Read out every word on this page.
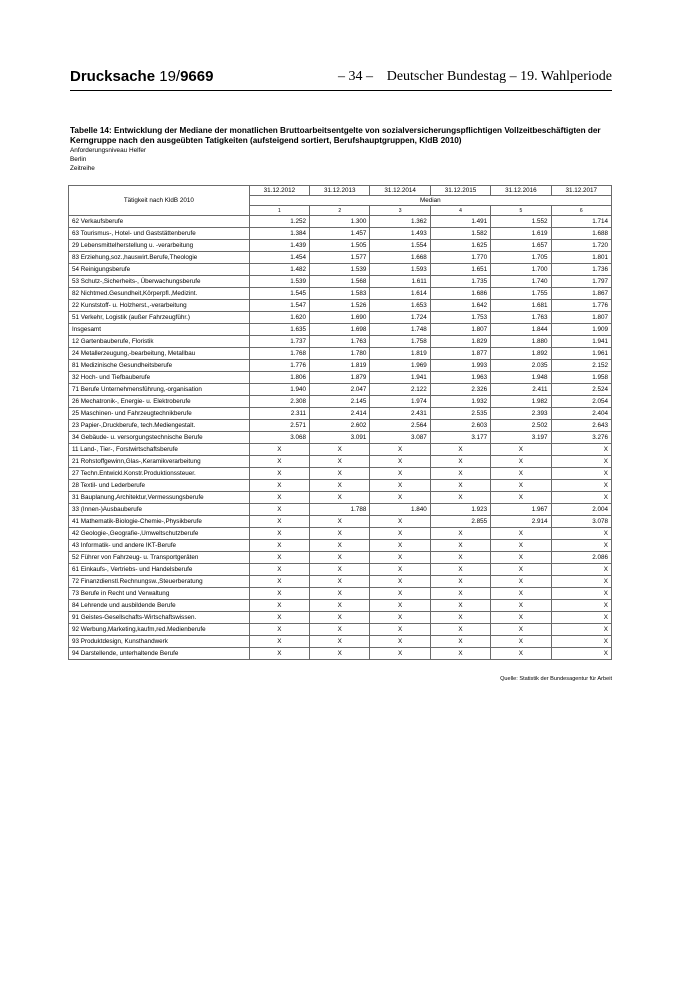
Drucksache 19/9669	– 34 – Deutscher Bundestag – 19. Wahlperiode

Tabelle 14: Entwicklung der Mediane der monatlichen Bruttoarbeitsentgelte von sozialversicherungspflichtigen Vollzeitbeschäftigten der Kerngruppe nach den ausgeübten Tatigkeiten (aufsteigend sortiert, Berufshauptgruppen, KldB 2010)

Anforderungsniveau Helfer

Berlin

Zeitreihe

Tätigkeit nach KldB 2010	31.12.2012	31.12.2013	31.12.2014	31.12.2015	31.12.2016	31.12.2017
	Median					
	1	2	3	4	5	6
62 Verkaufsberufe	1.252	1.300	1.362	1.491	1.552	1.714
63 Tourismus-, Hotel- und Gaststättenberufe	1.384	1.457	1.493	1.582	1.619	1.688
29 Lebensmittelherstellung u. -verarbeitung	1.439	1.505	1.554	1.625	1.657	1.720
83 Erziehung,soz.,hauswirt.Berufe,Theologie	1.454	1.577	1.668	1.770	1.705	1.801
54 Reinigungsberufe	1.482	1.539	1.593	1.651	1.700	1.736
53 Schutz-,Sicherheits-, Überwachungsberufe	1.539	1.568	1.611	1.735	1.740	1.797
82 Nichtmed.Gesundheit,Körperpfl.,Medizint.	1.545	1.583	1.614	1.686	1.755	1.867
22 Kunststoff- u. Holzherst.,-verarbeitung	1.547	1.526	1.653	1.642	1.681	1.776
51 Verkehr, Logistik (außer Fahrzeugführ.)	1.620	1.690	1.724	1.753	1.763	1.807
Insgesamt	1.635	1.698	1.748	1.807	1.844	1.909
12 Gartenbauberufe, Floristik	1.737	1.763	1.758	1.829	1.880	1.941
24 Metallerzeugung,-bearbeitung, Metallbau	1.768	1.780	1.819	1.877	1.892	1.961
81 Medizinische Gesundheitsberufe	1.776	1.819	1.969	1.993	2.035	2.152
32 Hoch- und Tiefbauberufe	1.806	1.879	1.941	1.963	1.948	1.958
71 Berufe Unternehmensführung,-organisation	1.940	2.047	2.122	2.326	2.411	2.524
26 Mechatronik-, Energie- u. Elektroberufe	2.308	2.145	1.974	1.932	1.982	2.054
25 Maschinen- und Fahrzeugtechnikberufe	2.311	2.414	2.431	2.535	2.393	2.404
23 Papier-,Druckberufe, tech.Mediengestalt.	2.571	2.602	2.564	2.603	2.502	2.643
34 Gebäude- u. versorgungstechnische Berufe	3.068	3.091	3.087	3.177	3.197	3.276
11 Land-, Tier-, Forstwirtschaftsberufe	X	X	X	X	X	X
21 Rohstoffgewinn,Glas-,Keramikverarbeitung	X	X	X	X	X	X
27 Techn.Entwickl.Konstr.Produktionssteuer.	X	X	X	X	X	X
28 Textil- und Lederberufe	X	X	X	X	X	X
31 Bauplanung,Architektur,Vermessungsberufe	X	X	X	X	X	X
33 (Innen-)Ausbauberufe	X	1.788	1.840	1.923	1.967	2.004
41 Mathematik-Biologie-Chemie-,Physikberufe	X	X	X	2.855	2.914	3.078
42 Geologie-,Geografie-,Umweltschutzberufe	X	X	X	X	X	X
43 Informatik- und andere IKT-Berufe	X	X	X	X	X	X
52 Führer von Fahrzeug- u. Transportgeräten	X	X	X	X	X	2.086
61 Einkaufs-, Vertriebs- und Handelsberufe	X	X	X	X	X	X
72 Finanzdienstl.Rechnungsw.,Steuerberatung	X	X	X	X	X	X
73 Berufe in Recht und Verwaltung	X	X	X	X	X	X
84 Lehrende und ausbildende Berufe	X	X	X	X	X	X
91 Geistes-Gesellschafts-Wirtschaftswissen.	X	X	X	X	X	X
92 Werbung,Marketing,kaufm,red.Medienberufe	X	X	X	X	X	X
93 Produktdesign, Kunsthandwerk	X	X	X	X	X	X
94 Darstellende, unterhaltende Berufe	X	X	X	X	X	X
Quelle: Statistik der Bundesagentur für Arbeit
